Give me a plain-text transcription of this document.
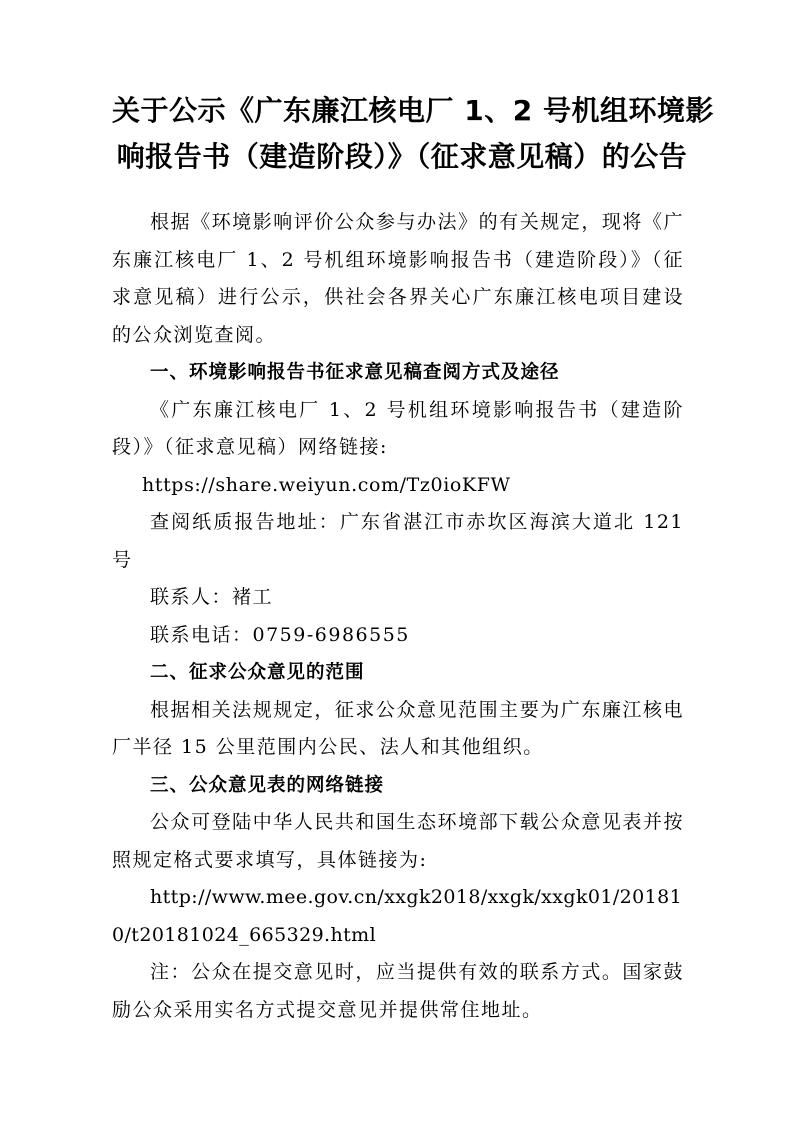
关于公示《广东廉江核电厂 1、2 号机组环境影
响报告书（建造阶段）》（征求意见稿）的公告

根据《环境影响评价公众参与办法》的有关规定，现将《广东廉江核电厂 1、2 号机组环境影响报告书（建造阶段）》（征求意见稿）进行公示，供社会各界关心广东廉江核电项目建设的公众浏览查阅。

一、环境影响报告书征求意见稿查阅方式及途径

《广东廉江核电厂 1、2 号机组环境影响报告书（建造阶段）》（征求意见稿）网络链接:

https://share.weiyun.com/Tz0ioKFW

查阅纸质报告地址：广东省湛江市赤坎区海滨大道北 121 号

联系人：褚工

联系电话：0759-6986555

二、征求公众意见的范围

根据相关法规规定，征求公众意见范围主要为广东廉江核电厂半径 15 公里范围内公民、法人和其他组织。

三、公众意见表的网络链接

公众可登陆中华人民共和国生态环境部下载公众意见表并按照规定格式要求填写，具体链接为:

http://www.mee.gov.cn/xxgk2018/xxgk/xxgk01/201810/t20181024_665329.html

注：公众在提交意见时，应当提供有效的联系方式。国家鼓励公众采用实名方式提交意见并提供常住地址。
